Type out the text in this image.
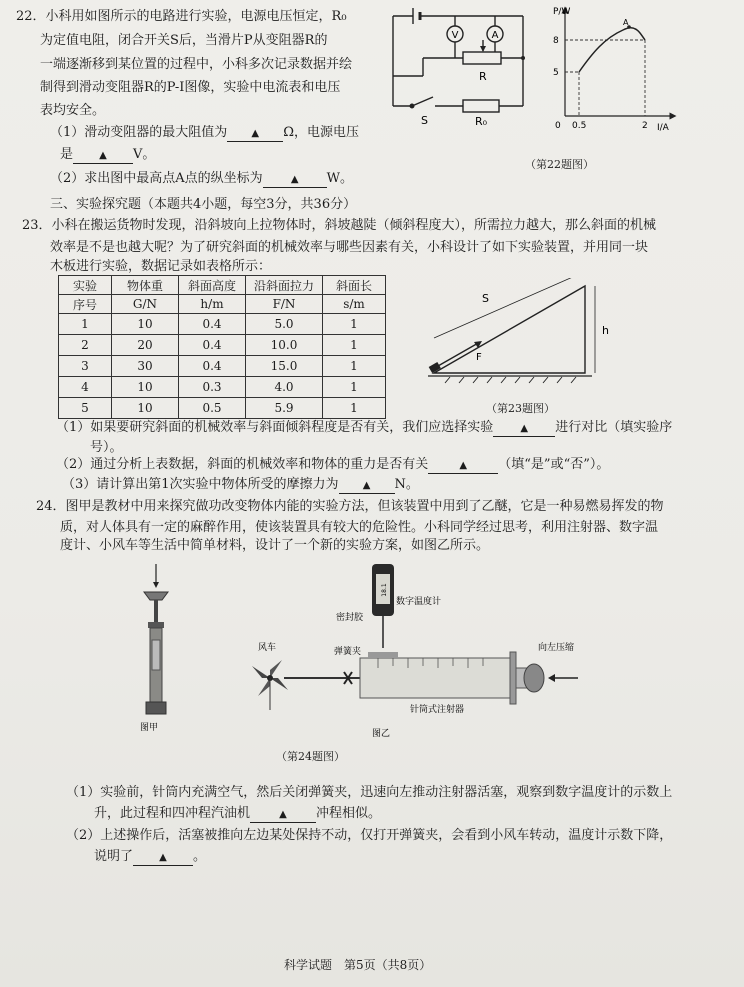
22．小科用如图所示的电路进行实验，电源电压恒定，R₀
为定值电阻，闭合开关S后，当滑片P从变阻器R的
一端逐渐移到某位置的过程中，小科多次记录数据并绘
制得到滑动变阻器R的P-I图像，实验中电流表和电压
表均安全。
（1）滑动变阻器的最大阻值为 ▲ Ω，电源电压
是	▲ V。
（2）求出图中最高点A点的纵坐标为	▲ W。
V	A
R
S	R₀
P/W
I/A
0
8
5
0.5	2
A
（第22题图）
三、实验探究题（本题共4小题，每空3分，共36分）
23．小科在搬运货物时发现，沿斜坡向上拉物体时，斜坡越陡（倾斜程度大），所需拉力越大，那么斜面的机械
效率是不是也越大呢？为了研究斜面的机械效率与哪些因素有关，小科设计了如下实验装置，并用同一块
木板进行实验，数据记录如表格所示：
实验	物体重	斜面高度	沿斜面拉力	斜面长
序号	G/N	h/m	F/N	s/m
1	10	0.4	5.0	1
2	20	0.4	10.0	1
3	30	0.4	15.0	1
4	10	0.3	4.0	1
5	10	0.5	5.9	1
S
h
F
（第23题图）
（1）如果要研究斜面的机械效率与斜面倾斜程度是否有关，我们应选择实验	▲ 进行对比（填实验序
号）。
（2）通过分析上表数据，斜面的机械效率和物体的重力是否有关	▲ （填“是”或“否”）。
（3）请计算出第1次实验中物体所受的摩擦力为 ▲ N。
24．图甲是教材中用来探究做功改变物体内能的实验方法，但该装置中用到了乙醚，它是一种易燃易挥发的物
质，对人体具有一定的麻醉作用，使该装置具有较大的危险性。小科同学经过思考，利用注射器、数字温
度计、小风车等生活中简单材料，设计了一个新的实验方案，如图乙所示。
图甲
18.1
密封胶
数字温度计
风车	弹簧夹	向左压缩
针筒式注射器
图乙
（第24题图）
（1）实验前，针筒内充满空气，然后关闭弹簧夹，迅速向左推动注射器活塞，观察到数字温度计的示数上
升，此过程和四冲程汽油机	▲ 冲程相似。
（2）上述操作后，活塞被推向左边某处保持不动，仅打开弹簧夹，会看到小风车转动，温度计示数下降，
说明了	▲ 。
科学试题　第5页（共8页）
